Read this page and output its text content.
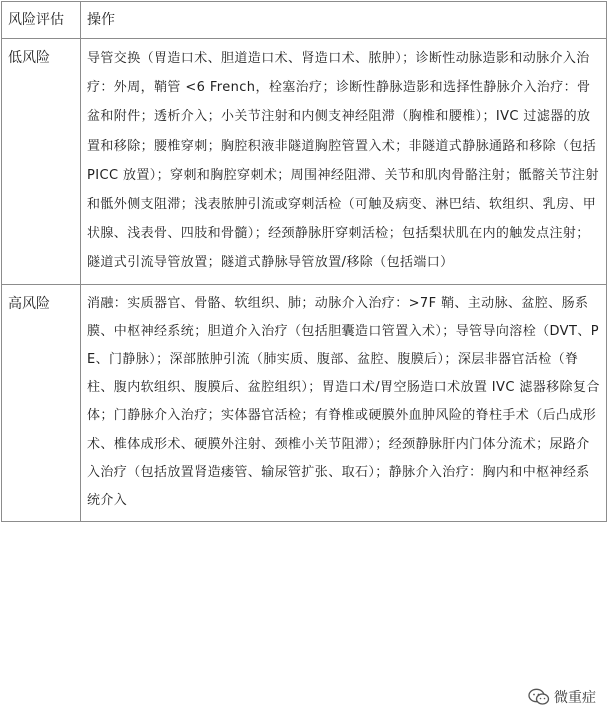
风险评估	操作

低风险	导管交换（胃造口术、胆道造口术、肾造口术、脓肿）；诊断性动脉造影和动脉介入治疗：外周，鞘管 <6 French，栓塞治疗；诊断性静脉造影和选择性静脉介入治疗：骨盆和附件；透析介入；小关节注射和内侧支神经阻滞（胸椎和腰椎）；IVC 过滤器的放置和移除；腰椎穿刺；胸腔积液非隧道胸腔管置入术；非隧道式静脉通路和移除（包括 PICC 放置）；穿刺和胸腔穿刺术；周围神经阻滞、关节和肌肉骨骼注射；骶髂关节注射和骶外侧支阻滞；浅表脓肿引流或穿刺活检（可触及病变、淋巴结、软组织、乳房、甲状腺、浅表骨、四肢和骨髓）；经颈静脉肝穿刺活检；包括梨状肌在内的触发点注射；隧道式引流导管放置；隧道式静脉导管放置/移除（包括端口）

高风险	消融：实质器官、骨骼、软组织、肺；动脉介入治疗：>7F 鞘、主动脉、盆腔、肠系膜、中枢神经系统；胆道介入治疗（包括胆囊造口管置入术）；导管导向溶栓（DVT、PE、门静脉）；深部脓肿引流（肺实质、腹部、盆腔、腹膜后）；深层非器官活检（脊柱、腹内软组织、腹膜后、盆腔组织）；胃造口术/胃空肠造口术放置 IVC 滤器移除复合体；门静脉介入治疗；实体器官活检；有脊椎或硬膜外血肿风险的脊柱手术（后凸成形术、椎体成形术、硬膜外注射、颈椎小关节阻滞）；经颈静脉肝内门体分流术；尿路介入治疗（包括放置肾造瘘管、输尿管扩张、取石）；静脉介入治疗：胸内和中枢神经系统介入
微重症
